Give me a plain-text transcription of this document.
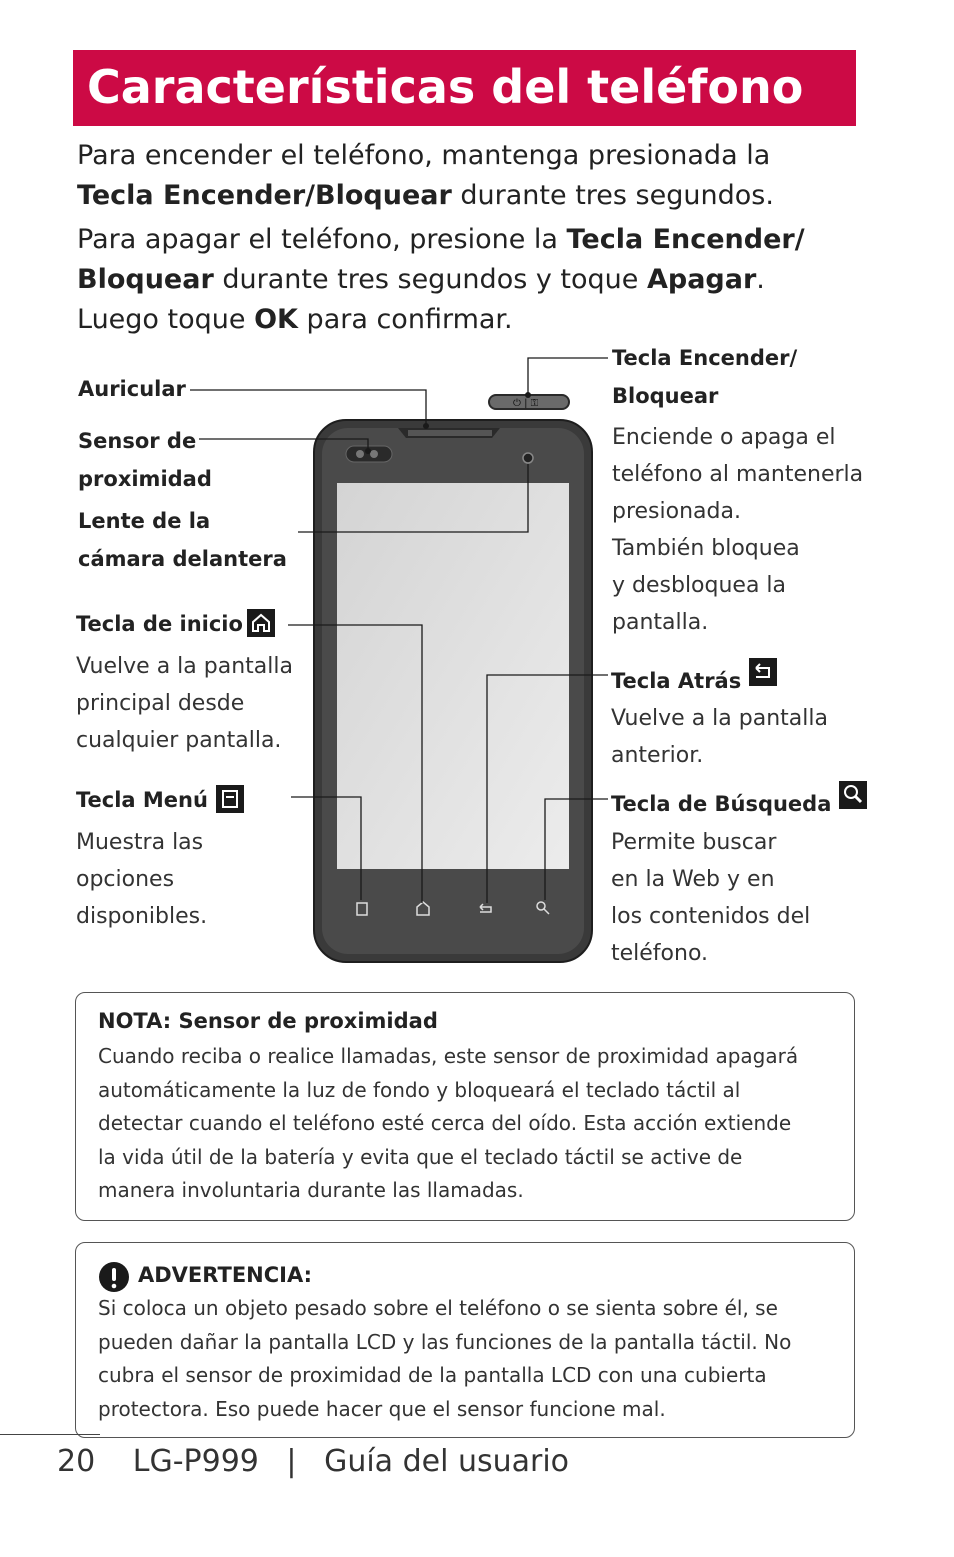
Características del teléfono
Para encender el teléfono, mantenga presionada la
Tecla Encender/Bloquear durante tres segundos.
Para apagar el teléfono, presione la Tecla Encender/
Bloquear durante tres segundos y toque Apagar.
Luego toque OK para confirmar.
⏻ | ⚿
Auricular
Sensor de
proximidad
Lente de la
cámara delantera
Tecla de inicio
Vuelve a la pantalla
principal desde
cualquier pantalla.
Tecla Menú
Muestra las
opciones
disponibles.
Tecla Encender/
Bloquear
Enciende o apaga el
teléfono al mantenerla
presionada.
También bloquea
y desbloquea la
pantalla.
Tecla Atrás
Vuelve a la pantalla
anterior.
Tecla de Búsqueda
Permite buscar
en la Web y en
los contenidos del
teléfono.
NOTA: Sensor de proximidad
Cuando reciba o realice llamadas, este sensor de proximidad apagará
automáticamente la luz de fondo y bloqueará el teclado táctil al
detectar cuando el teléfono esté cerca del oído. Esta acción extiende
la vida útil de la batería y evita que el teclado táctil se active de
manera involuntaria durante las llamadas.
ADVERTENCIA:
Si coloca un objeto pesado sobre el teléfono o se sienta sobre él, se
pueden dañar la pantalla LCD y las funciones de la pantalla táctil. No
cubra el sensor de proximidad de la pantalla LCD con una cubierta
protectora. Eso puede hacer que el sensor funcione mal.
20 LG-P999 | Guía del usuario
